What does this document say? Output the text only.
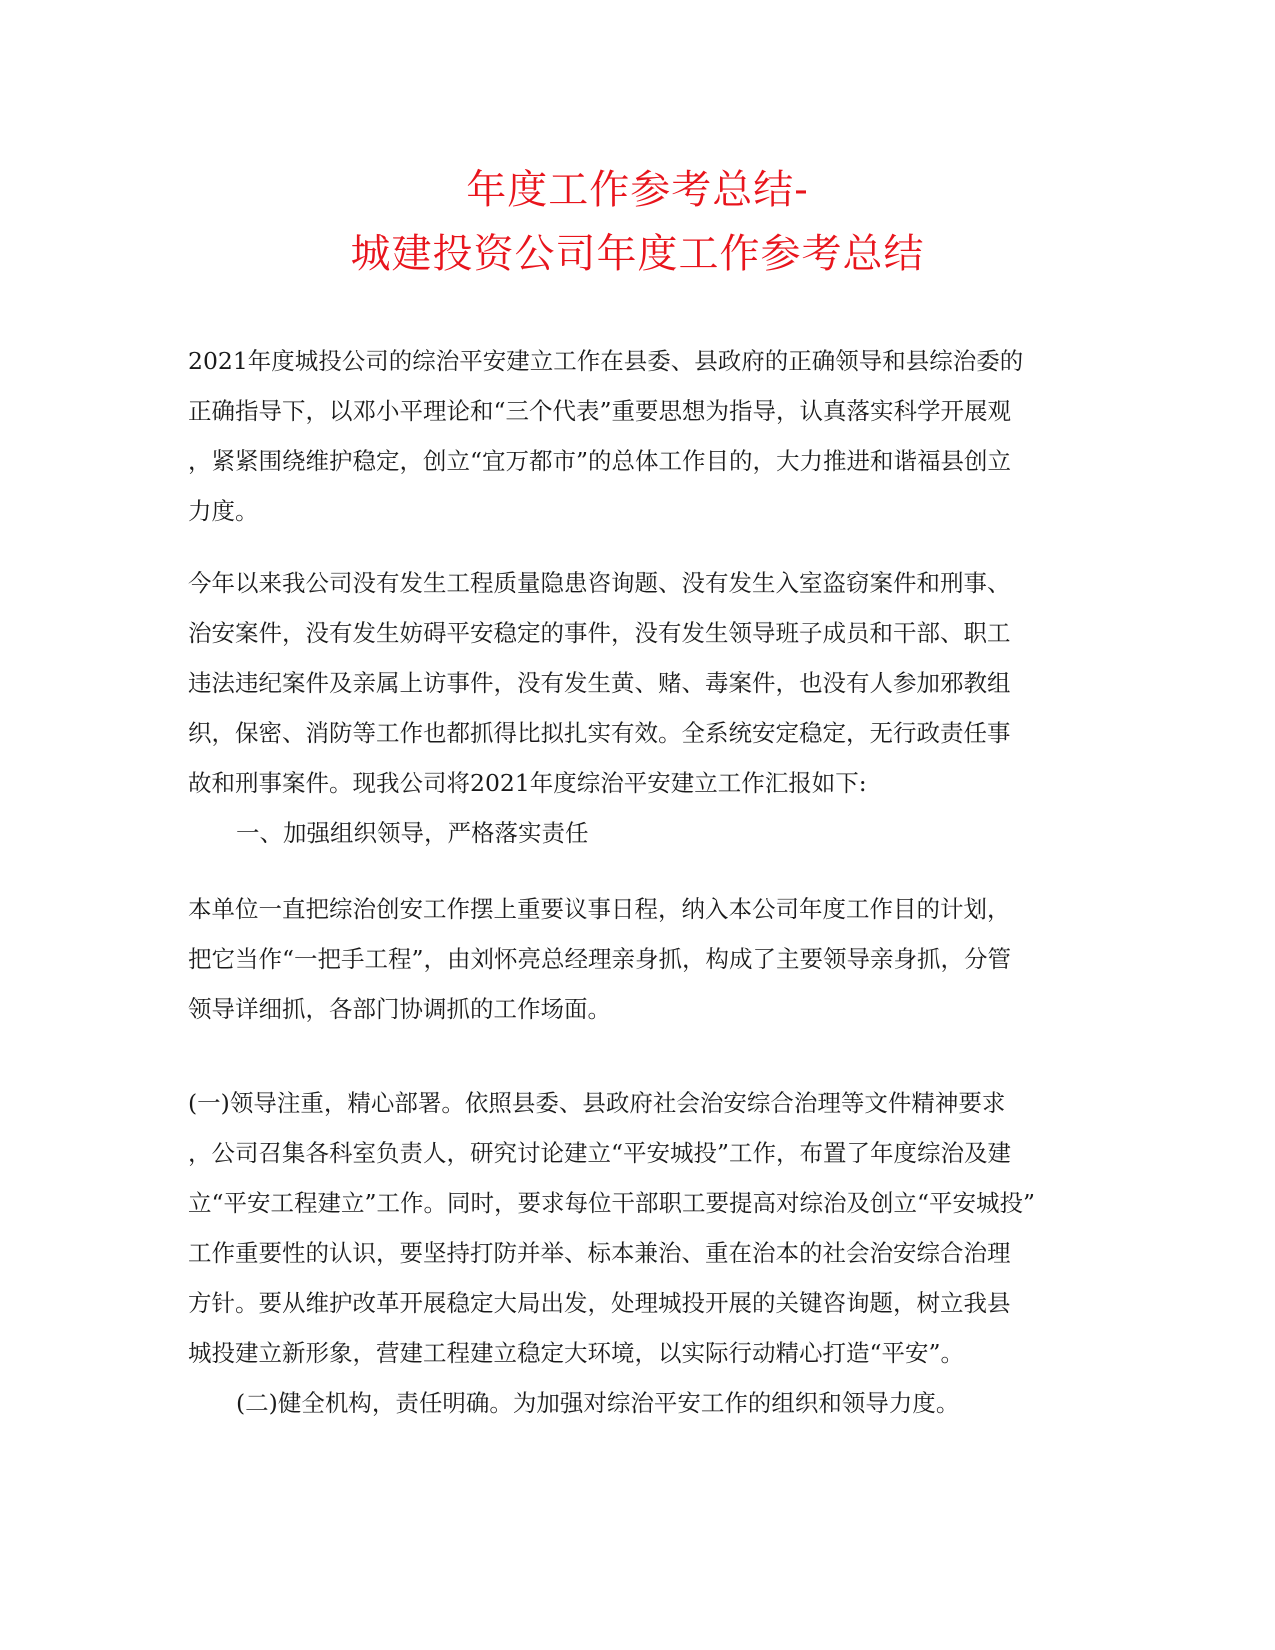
年度工作参考总结-
城建投资公司年度工作参考总结
2021年度城投公司的综治平安建立工作在县委、县政府的正确领导和县综治委的
正确指导下，以邓小平理论和“三个代表”重要思想为指导，认真落实科学开展观
，紧紧围绕维护稳定，创立“宜万都市”的总体工作目的，大力推进和谐福县创立
力度。
今年以来我公司没有发生工程质量隐患咨询题、没有发生入室盗窃案件和刑事、
治安案件，没有发生妨碍平安稳定的事件，没有发生领导班子成员和干部、职工
违法违纪案件及亲属上访事件，没有发生黄、赌、毒案件，也没有人参加邪教组
织，保密、消防等工作也都抓得比拟扎实有效。全系统安定稳定，无行政责任事
故和刑事案件。现我公司将2021年度综治平安建立工作汇报如下:
一、加强组织领导，严格落实责任
本单位一直把综治创安工作摆上重要议事日程，纳入本公司年度工作目的计划，
把它当作“一把手工程”，由刘怀亮总经理亲身抓，构成了主要领导亲身抓，分管
领导详细抓，各部门协调抓的工作场面。
(一)领导注重，精心部署。依照县委、县政府社会治安综合治理等文件精神要求
，公司召集各科室负责人，研究讨论建立“平安城投”工作，布置了年度综治及建
立“平安工程建立”工作。同时，要求每位干部职工要提高对综治及创立“平安城投”
工作重要性的认识，要坚持打防并举、标本兼治、重在治本的社会治安综合治理
方针。要从维护改革开展稳定大局出发，处理城投开展的关键咨询题，树立我县
城投建立新形象，营建工程建立稳定大环境，以实际行动精心打造“平安”。
(二)健全机构，责任明确。为加强对综治平安工作的组织和领导力度。
